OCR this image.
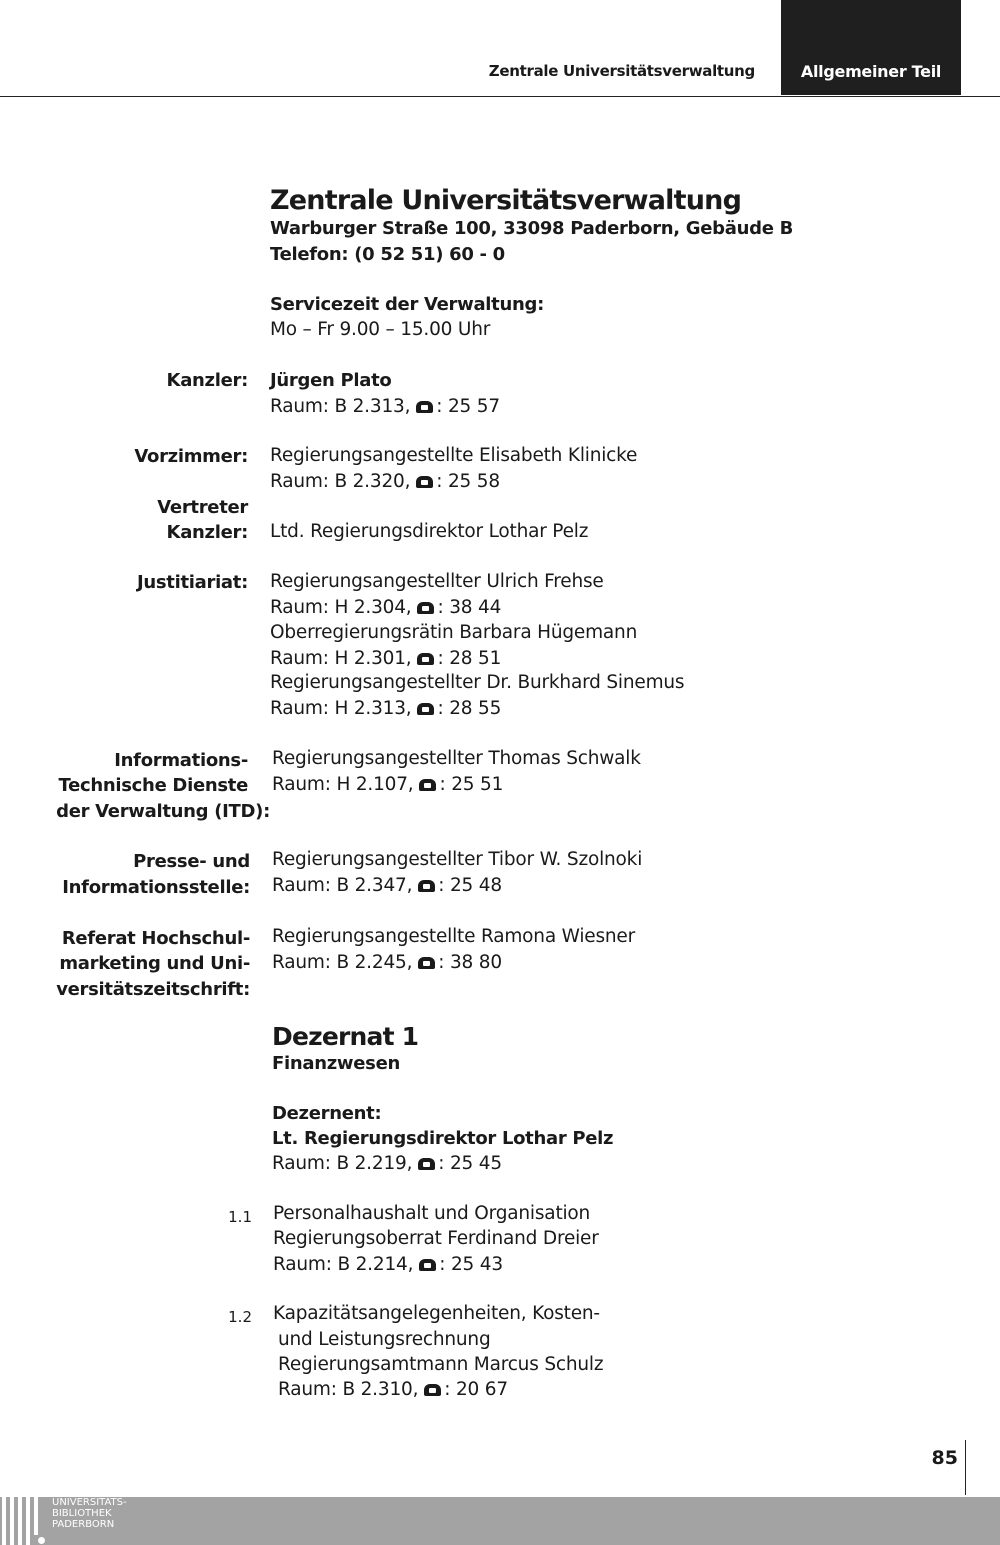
Zentrale Universitätsverwaltung	Allgemeiner Teil
Zentrale Universitätsverwaltung
Warburger Straße 100, 33098 Paderborn, Gebäude B
Telefon: (0 52 51) 60 - 0
Servicezeit der Verwaltung:
Mo – Fr 9.00 – 15.00 Uhr
Kanzler: Jürgen Plato
Raum: B 2.313, : 25 57
Vorzimmer: Regierungsangestellte Elisabeth Klinicke
Raum: B 2.320, : 25 58
Vertreter
Kanzler: Ltd. Regierungsdirektor Lothar Pelz
Justitiariat: Regierungsangestellter Ulrich Frehse
Raum: H 2.304, : 38 44
Oberregierungsrätin Barbara Hügemann
Raum: H 2.301, : 28 51
Regierungsangestellter Dr. Burkhard Sinemus
Raum: H 2.313, : 28 55
Informations-
Technische Dienste
der Verwaltung (ITD):
Regierungsangestellter Thomas Schwalk
Raum: H 2.107, : 25 51
Presse- und
Informationsstelle:
Regierungsangestellter Tibor W. Szolnoki
Raum: B 2.347, : 25 48
Referat Hochschul-
marketing und Uni-
versitätszeitschrift:
Regierungsangestellte Ramona Wiesner
Raum: B 2.245, : 38 80
Dezernat 1
Finanzwesen
Dezernent:
Lt. Regierungsdirektor Lothar Pelz
Raum: B 2.219, : 25 45
1.1 Personalhaushalt und Organisation
Regierungsoberrat Ferdinand Dreier
Raum: B 2.214, : 25 43
1.2 Kapazitätsangelegenheiten, Kosten-
und Leistungsrechnung
Regierungsamtmann Marcus Schulz
Raum: B 2.310, : 20 67
85
UNIVERSITÄTS-
BIBLIOTHEK
PADERBORN
